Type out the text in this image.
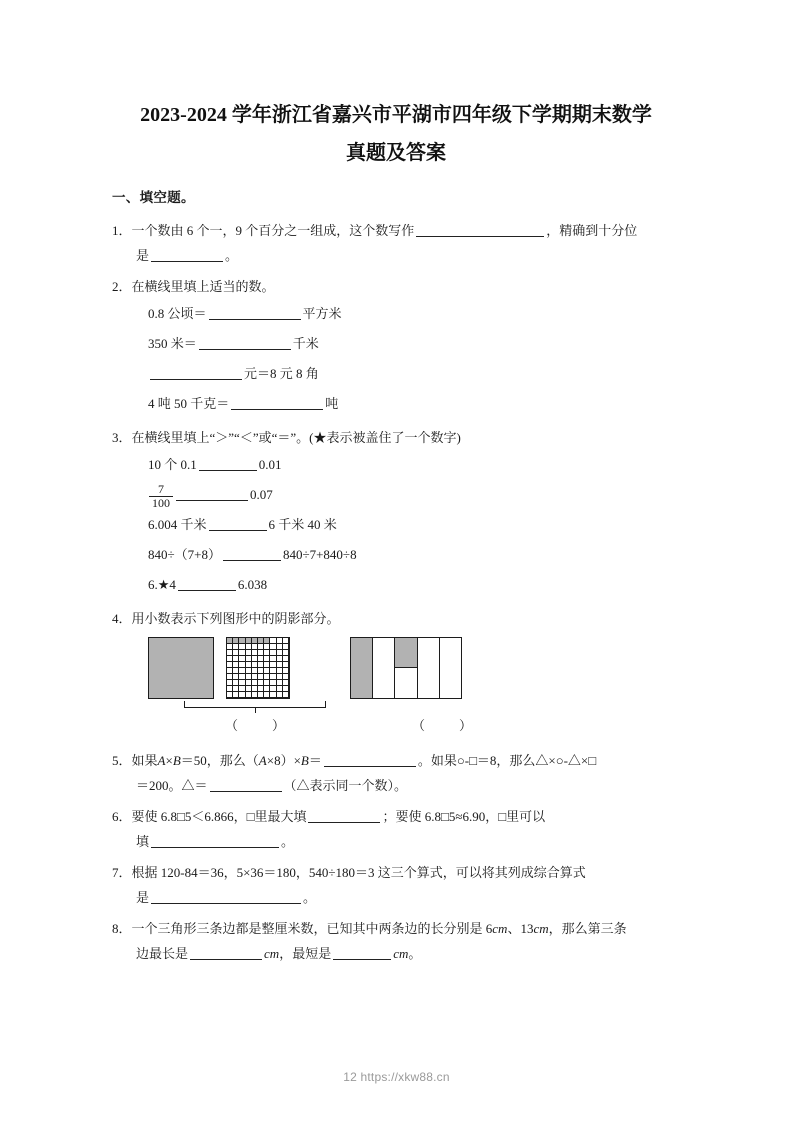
2023-2024 学年浙江省嘉兴市平湖市四年级下学期期末数学
真题及答案
一、填空题。
1．一个数由 6 个一，9 个百分之一组成，这个数写作	，精确到十分位
是	。
2．在横线里填上适当的数。
0.8 公顷＝	平方米
350 米＝	千米
元＝8 元 8 角
4 吨 50 千克＝	吨
3．在横线里填上“＞”“＜”或“＝”。(★表示被盖住了一个数字)
10 个 0.1	0.01
$\frac{7}{100}$	0.07
6.004 千米	6 千米 40 米
840÷（7+8）	840÷7+840÷8
6.★4	6.038
4．用小数表示下列图形中的阴影部分。
（	）	（	）
5．如果A×B＝50，那么（A×8）×B＝	。如果○‑□＝8，那么△×○‑△×□
＝200。△＝	（△表示同一个数）。
6．要使 6.8□5＜6.866，□里最大填	；要使 6.8□5≈6.90，□里可以
填	。
7．根据 120‑84＝36，5×36＝180，540÷180＝3 这三个算式，可以将其列成综合算式
是	。
8．一个三角形三条边都是整厘米数，已知其中两条边的长分别是 6cm、13cm，那么第三条
边最长是	cm，最短是	cm。
12 https://xkw88.cn
